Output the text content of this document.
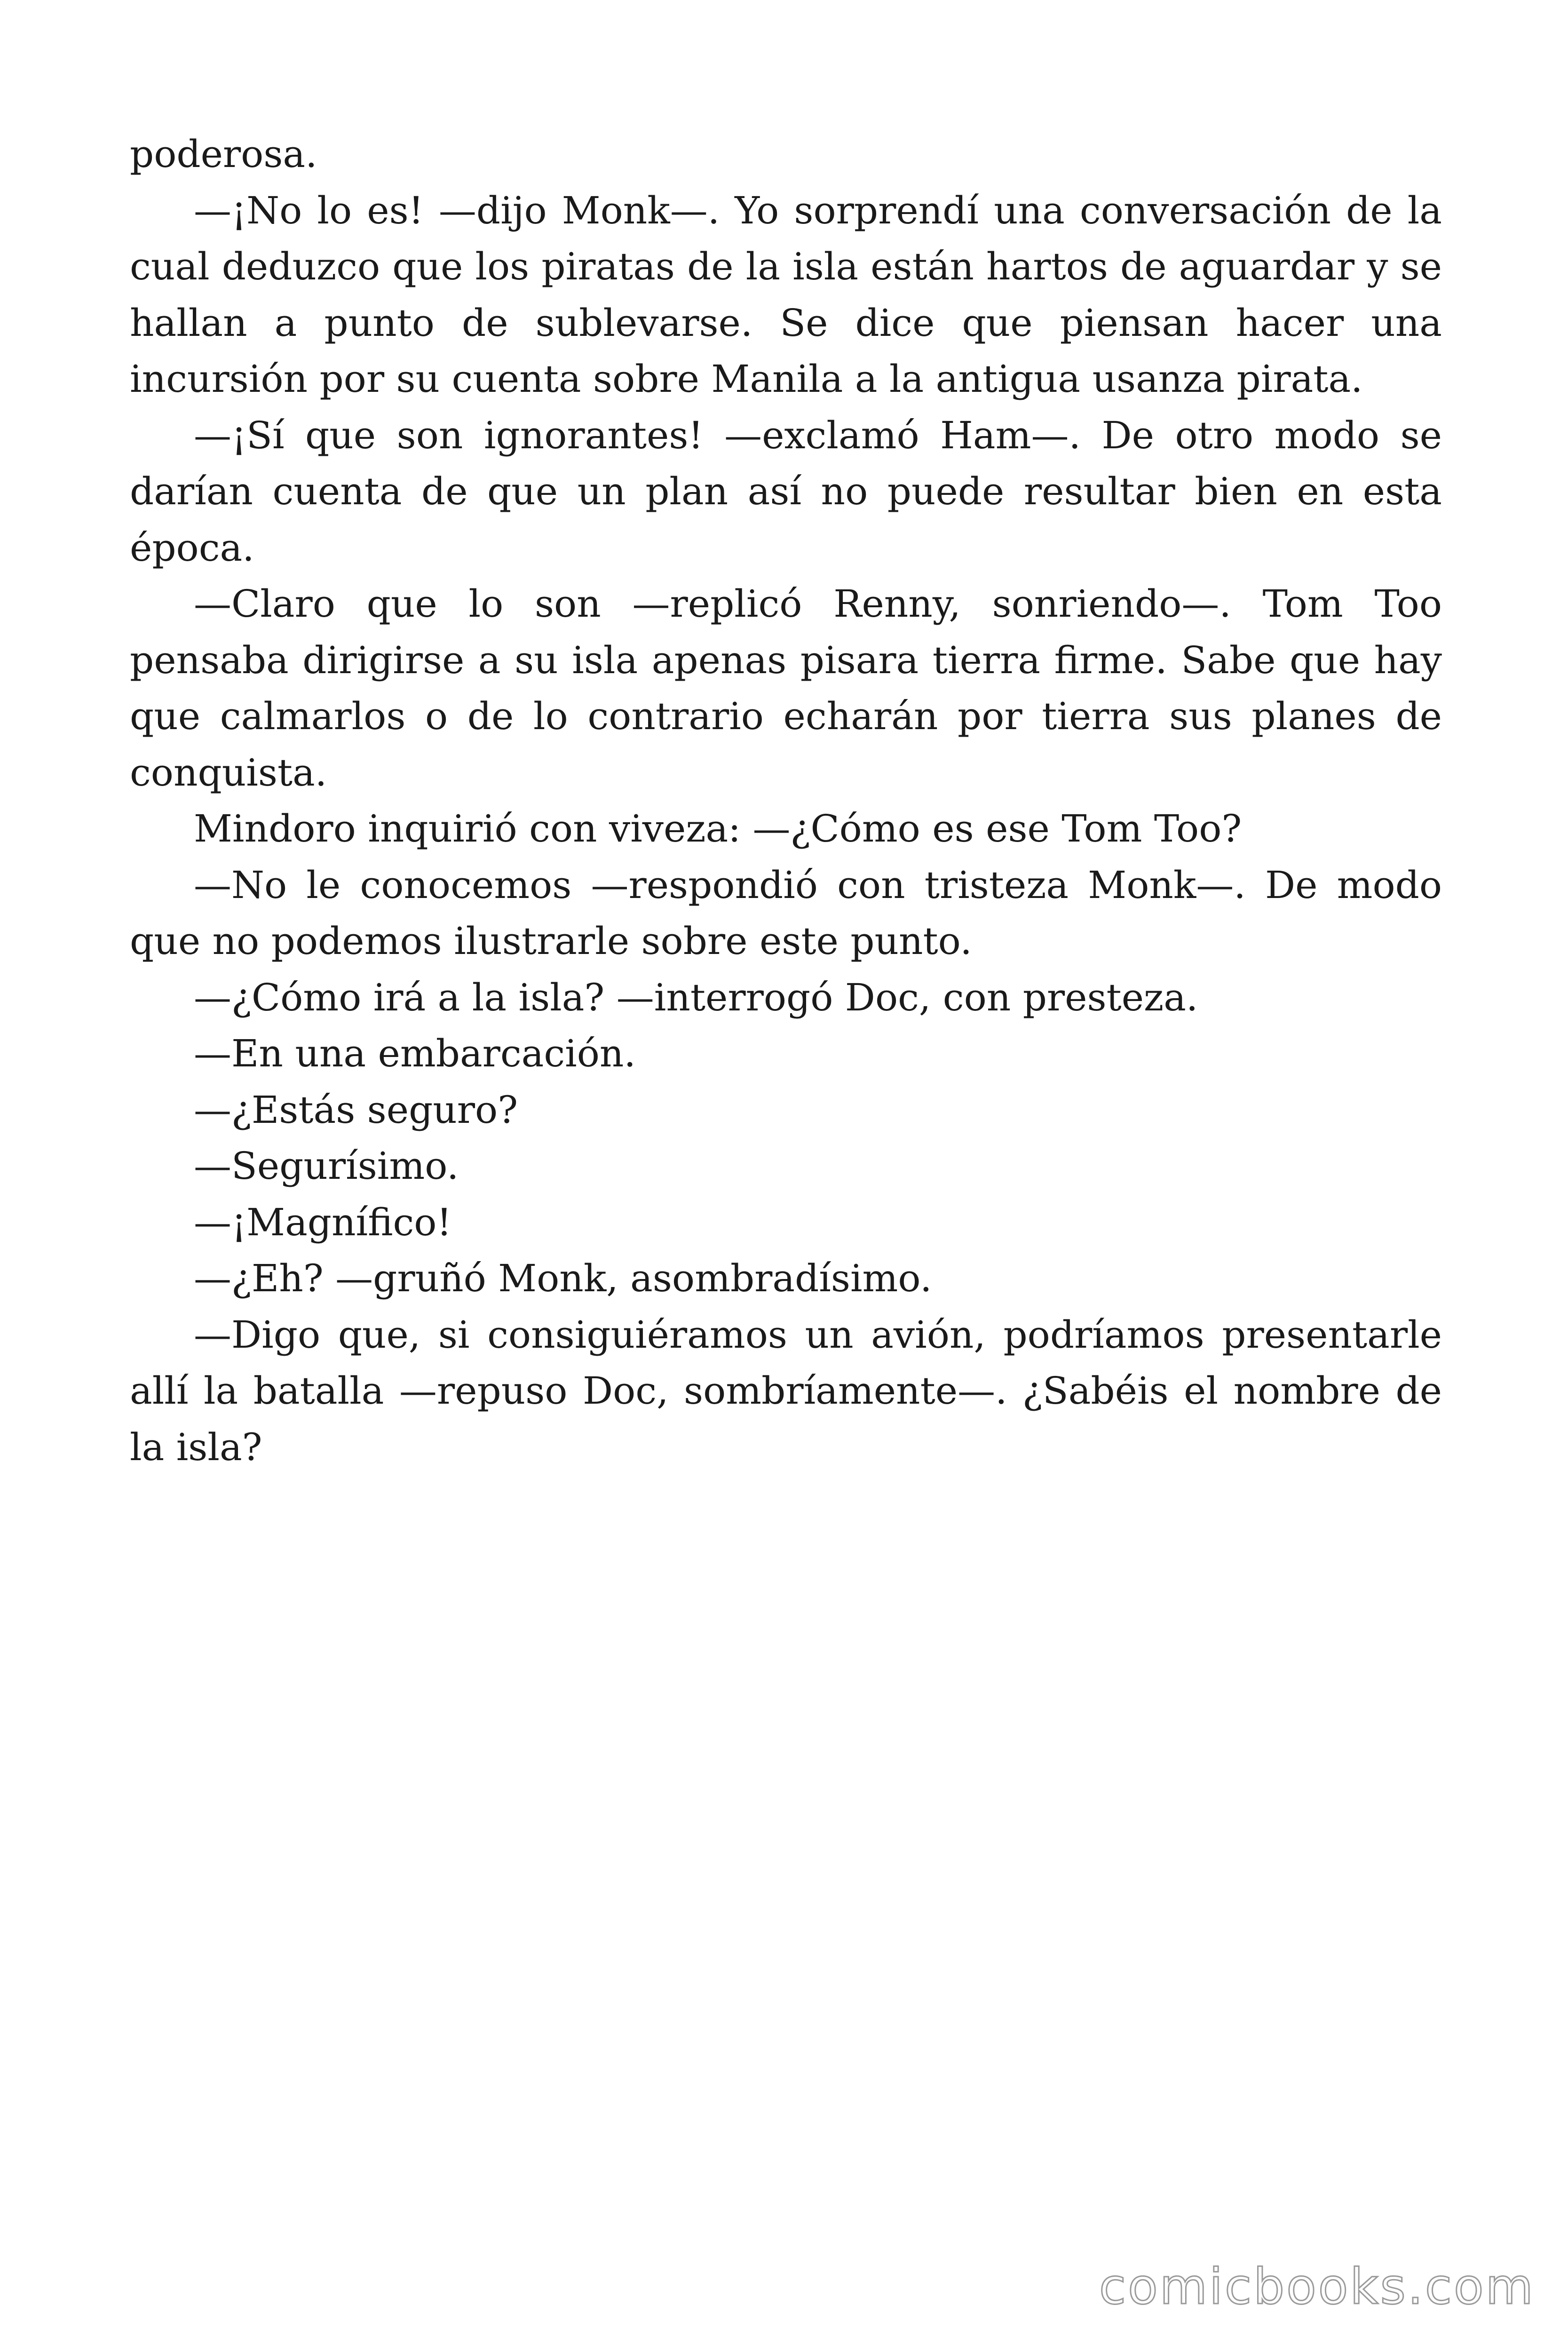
poderosa.

—¡No lo es! —dijo Monk—. Yo sorprendí una conversación de la cual deduzco que los piratas de la isla están hartos de aguardar y se hallan a punto de sublevarse. Se dice que piensan hacer una incursión por su cuenta sobre Manila a la antigua usanza pirata.

—¡Sí que son ignorantes! —exclamó Ham—. De otro modo se darían cuenta de que un plan así no puede resultar bien en esta época.

—Claro que lo son —replicó Renny, sonriendo—. Tom Too pensaba dirigirse a su isla apenas pisara tierra firme. Sabe que hay que calmarlos o de lo contrario echarán por tierra sus planes de conquista.

Mindoro inquirió con viveza: —¿Cómo es ese Tom Too?

—No le conocemos —respondió con tristeza Monk—. De modo que no podemos ilustrarle sobre este punto.

—¿Cómo irá a la isla? —interrogó Doc, con presteza.

—En una embarcación.

—¿Estás seguro?

—Segurísimo.

—¡Magnífico!

—¿Eh? —gruñó Monk, asombradísimo.

—Digo que, si consiguiéramos un avión, podríamos presentarle allí la batalla —repuso Doc, sombríamente—. ¿Sabéis el nombre de la isla?

comicbooks.com
